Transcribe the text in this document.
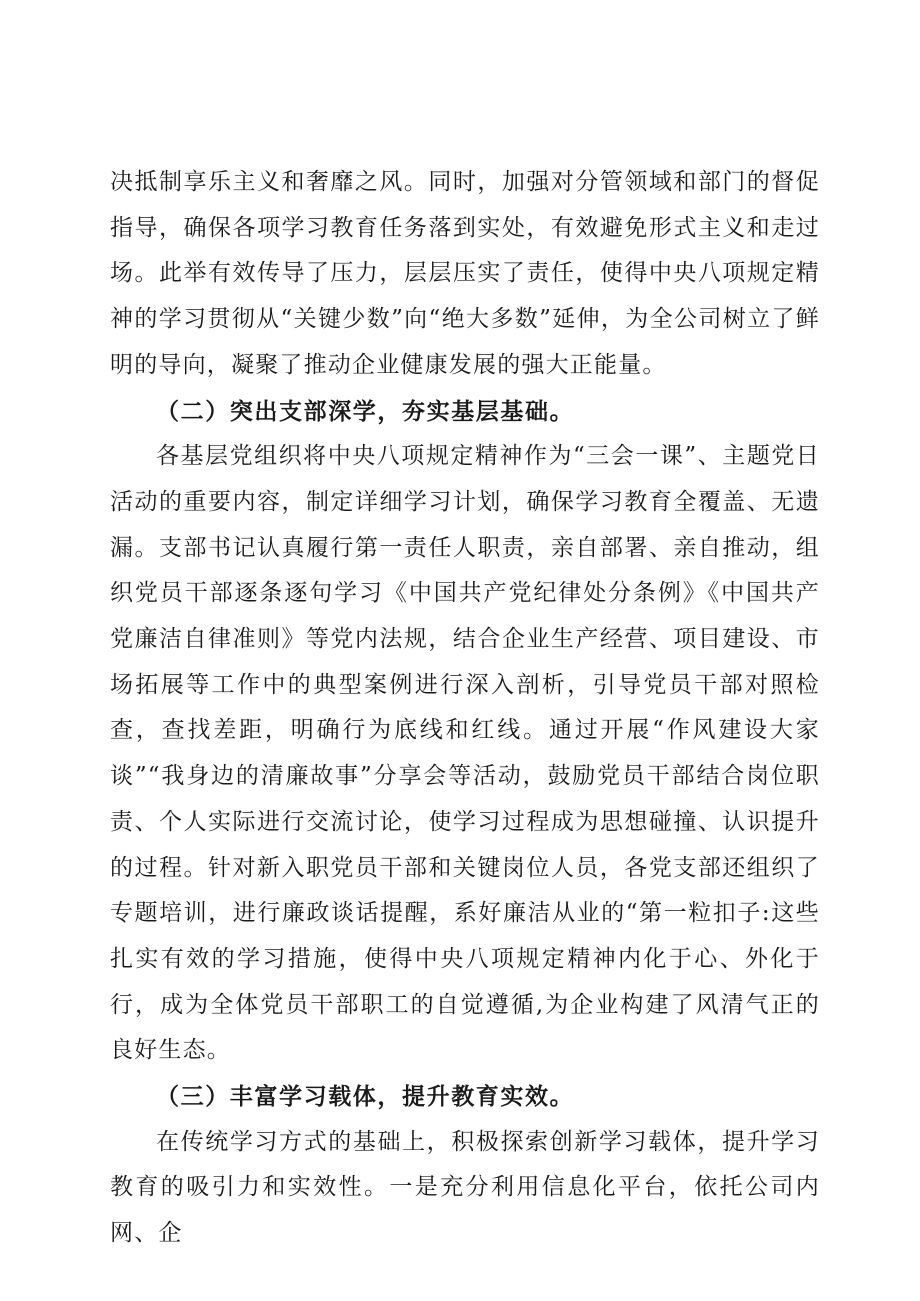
决抵制享乐主义和奢靡之风。同时，加强对分管领域和部门的督促指导，确保各项学习教育任务落到实处，有效避免形式主义和走过场。此举有效传导了压力，层层压实了责任，使得中央八项规定精神的学习贯彻从“关键少数”向“绝大多数”延伸，为全公司树立了鲜明的导向，凝聚了推动企业健康发展的强大正能量。

（二）突出支部深学，夯实基层基础。

各基层党组织将中央八项规定精神作为“三会一课”、主题党日活动的重要内容，制定详细学习计划，确保学习教育全覆盖、无遗漏。支部书记认真履行第一责任人职责，亲自部署、亲自推动，组织党员干部逐条逐句学习《中国共产党纪律处分条例》《中国共产党廉洁自律准则》等党内法规，结合企业生产经营、项目建设、市场拓展等工作中的典型案例进行深入剖析，引导党员干部对照检查，查找差距，明确行为底线和红线。通过开展“作风建设大家谈”“我身边的清廉故事”分享会等活动，鼓励党员干部结合岗位职责、个人实际进行交流讨论，使学习过程成为思想碰撞、认识提升的过程。针对新入职党员干部和关键岗位人员，各党支部还组织了专题培训，进行廉政谈话提醒，系好廉洁从业的“第一粒扣子:这些扎实有效的学习措施，使得中央八项规定精神内化于心、外化于行，成为全体党员干部职工的自觉遵循,为企业构建了风清气正的良好生态。

（三）丰富学习载体，提升教育实效。

在传统学习方式的基础上，积极探索创新学习载体，提升学习教育的吸引力和实效性。一是充分利用信息化平台，依托公司内网、企
